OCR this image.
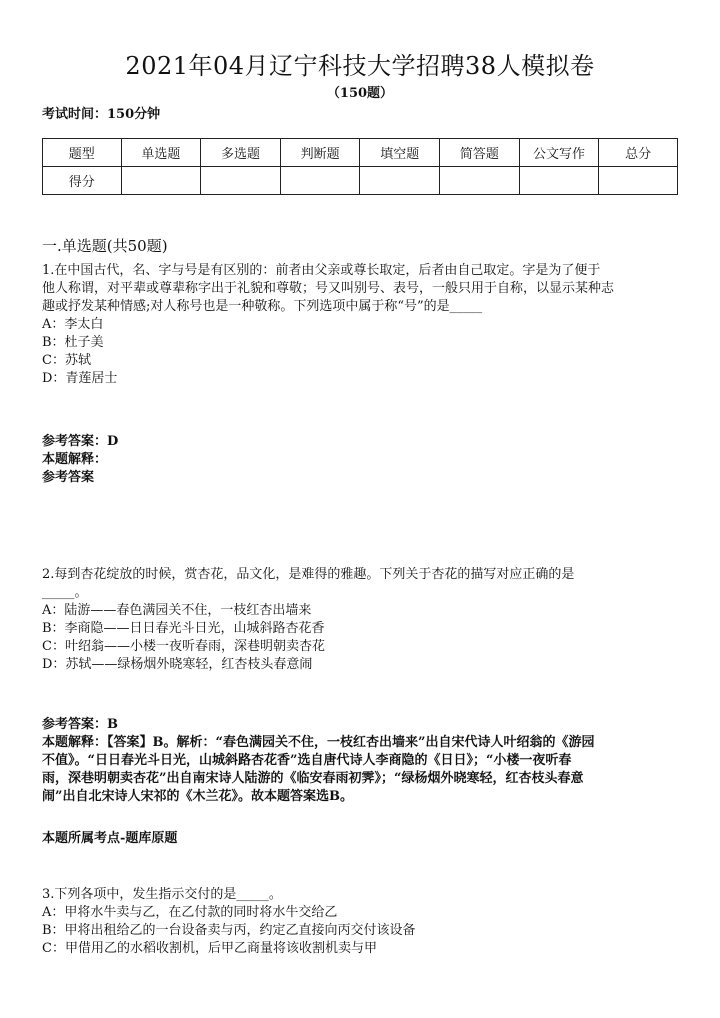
2021年04月辽宁科技大学招聘38人模拟卷
（150题）
考试时间：150分钟
题型	单选题	多选题	判断题	填空题	简答题	公文写作	总分
得分							
一.单选题(共50题)

1.在中国古代，名、字与号是有区别的：前者由父亲或尊长取定，后者由自己取定。字是为了便于

他人称谓，对平辈或尊辈称字出于礼貌和尊敬；号又叫别号、表号，一般只用于自称，以显示某种志

趣或抒发某种情感;对人称号也是一种敬称。下列选项中属于称“号”的是_____

A：李太白

B：杜子美

C：苏轼

D：青莲居士

参考答案：D

本题解释：

参考答案

2.每到杏花绽放的时候，赏杏花，品文化，是难得的雅趣。下列关于杏花的描写对应正确的是

_____。

A：陆游——春色满园关不住，一枝红杏出墙来

B：李商隐——日日春光斗日光，山城斜路杏花香

C：叶绍翁——小楼一夜听春雨，深巷明朝卖杏花

D：苏轼——绿杨烟外晓寒轻，红杏枝头春意闹

参考答案：B

本题解释：【答案】B。解析：“春色满园关不住，一枝红杏出墙来”出自宋代诗人叶绍翁的《游园

不值》。“日日春光斗日光，山城斜路杏花香”选自唐代诗人李商隐的《日日》；“小楼一夜听春

雨，深巷明朝卖杏花”出自南宋诗人陆游的《临安春雨初霁》；“绿杨烟外晓寒轻，红杏枝头春意

闹”出自北宋诗人宋祁的《木兰花》。故本题答案选B。

本题所属考点-题库原题

3.下列各项中，发生指示交付的是_____。

A：甲将水牛卖与乙，在乙付款的同时将水牛交给乙

B：甲将出租给乙的一台设备卖与丙，约定乙直接向丙交付该设备

C：甲借用乙的水稻收割机，后甲乙商量将该收割机卖与甲
